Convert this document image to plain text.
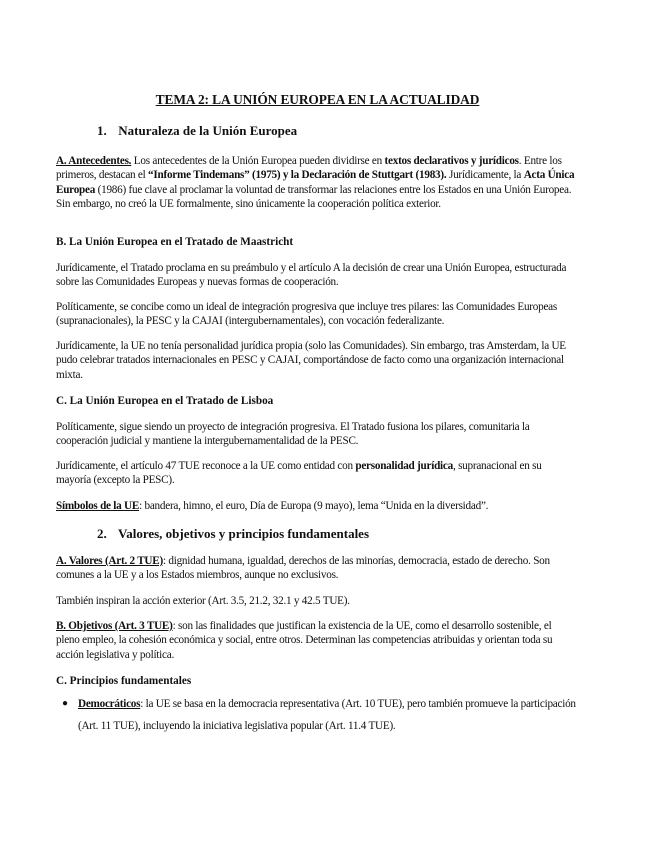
TEMA 2: LA UNIÓN EUROPEA EN LA ACTUALIDAD
1. Naturaleza de la Unión Europea

A. Antecedentes. Los antecedentes de la Unión Europea pueden dividirse en textos declarativos y jurídicos. Entre los primeros, destacan el “Informe Tindemans” (1975) y la Declaración de Stuttgart (1983). Jurídicamente, la Acta Única Europea (1986) fue clave al proclamar la voluntad de transformar las relaciones entre los Estados en una Unión Europea. Sin embargo, no creó la UE formalmente, sino únicamente la cooperación política exterior.

B. La Unión Europea en el Tratado de Maastricht

Jurídicamente, el Tratado proclama en su preámbulo y el artículo A la decisión de crear una Unión Europea, estructurada sobre las Comunidades Europeas y nuevas formas de cooperación.

Políticamente, se concibe como un ideal de integración progresiva que incluye tres pilares: las Comunidades Europeas (supranacionales), la PESC y la CAJAI (intergubernamentales), con vocación federalizante.

Jurídicamente, la UE no tenía personalidad jurídica propia (solo las Comunidades). Sin embargo, tras Amsterdam, la UE pudo celebrar tratados internacionales en PESC y CAJAI, comportándose de facto como una organización internacional mixta.

C. La Unión Europea en el Tratado de Lisboa

Políticamente, sigue siendo un proyecto de integración progresiva. El Tratado fusiona los pilares, comunitaria la cooperación judicial y mantiene la intergubernamentalidad de la PESC.

Jurídicamente, el artículo 47 TUE reconoce a la UE como entidad con personalidad jurídica, supranacional en su mayoría (excepto la PESC).

Símbolos de la UE: bandera, himno, el euro, Día de Europa (9 mayo), lema “Unida en la diversidad”.

2. Valores, objetivos y principios fundamentales

A. Valores (Art. 2 TUE): dignidad humana, igualdad, derechos de las minorías, democracia, estado de derecho. Son comunes a la UE y a los Estados miembros, aunque no exclusivos.

También inspiran la acción exterior (Art. 3.5, 21.2, 32.1 y 42.5 TUE).

B. Objetivos (Art. 3 TUE): son las finalidades que justifican la existencia de la UE, como el desarrollo sostenible, el pleno empleo, la cohesión económica y social, entre otros. Determinan las competencias atribuidas y orientan toda su acción legislativa y política.

C. Principios fundamentales
● Democráticos: la UE se basa en la democracia representativa (Art. 10 TUE), pero también promueve la participación (Art. 11 TUE), incluyendo la iniciativa legislativa popular (Art. 11.4 TUE).
